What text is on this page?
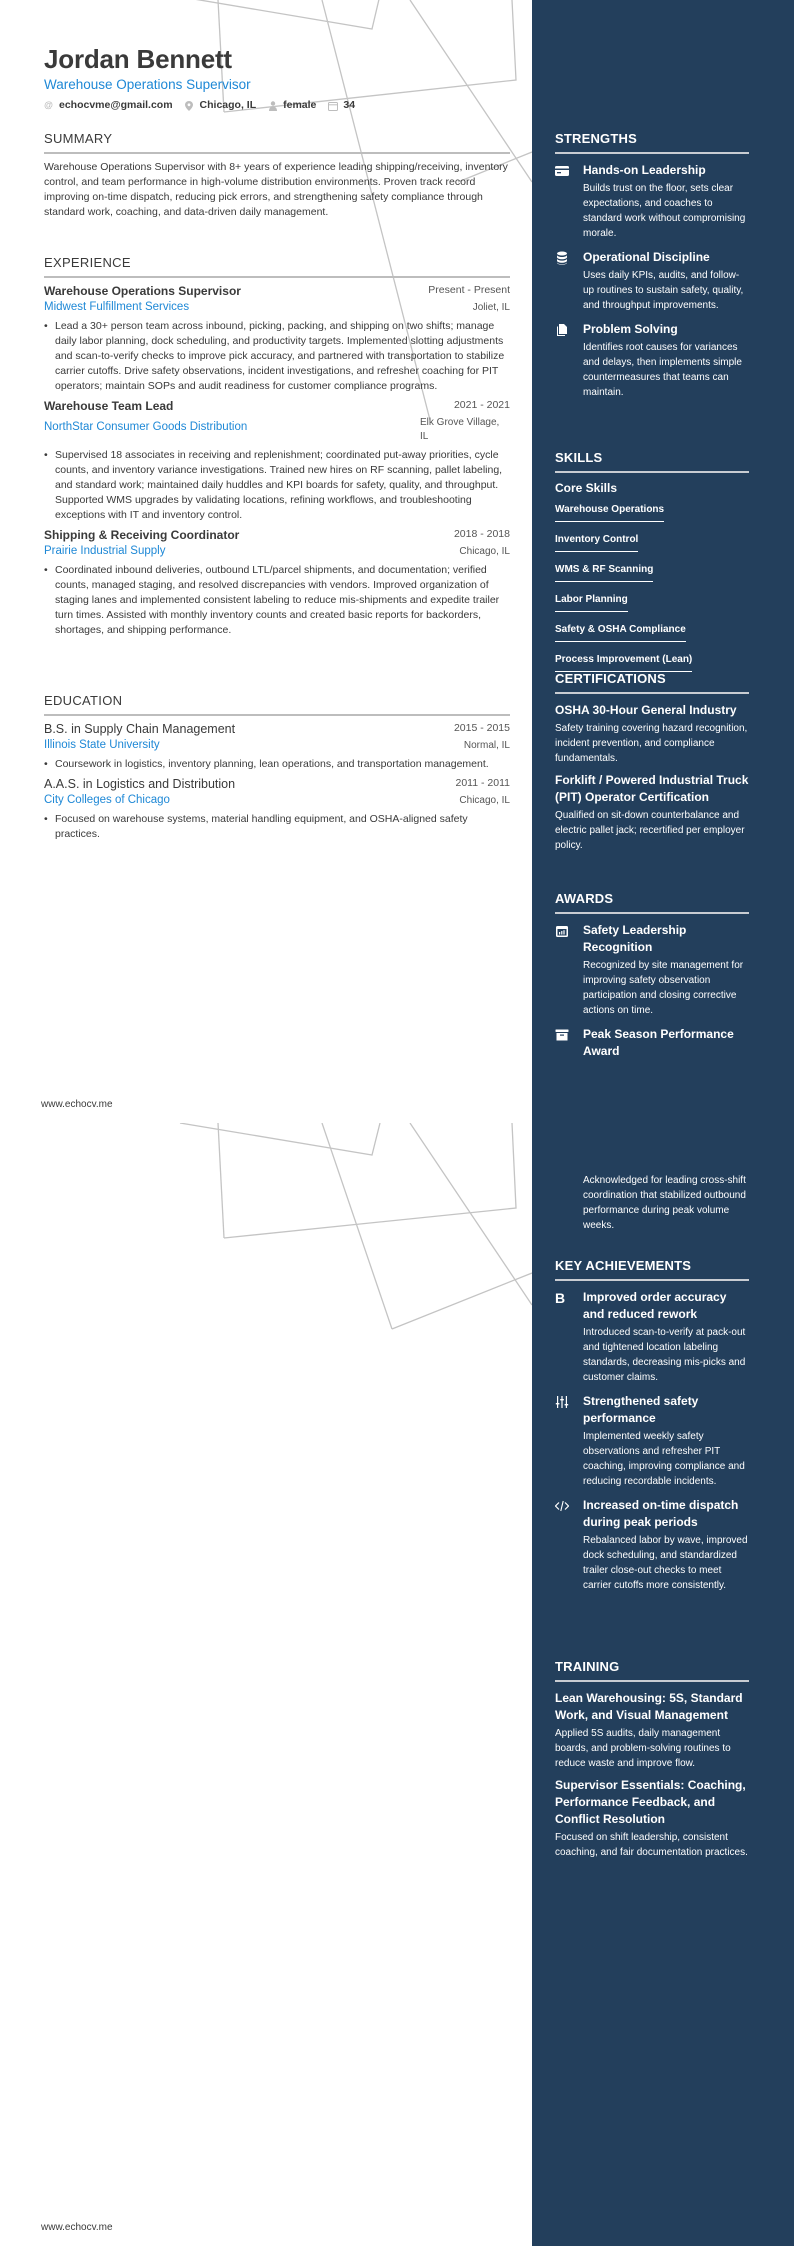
Jordan Bennett
Warehouse Operations Supervisor
@ echocvme@gmail.com	Chicago, IL	female	34
SUMMARY

Warehouse Operations Supervisor with 8+ years of experience leading shipping/receiving, inventory control, and team performance in high-volume distribution environments. Proven track record improving on-time dispatch, reducing pick errors, and strengthening safety compliance through standard work, coaching, and data-driven daily management.

EXPERIENCE
Warehouse Operations Supervisor	Present - Present
Midwest Fulfillment Services	Joliet, IL
• Lead a 30+ person team across inbound, picking, packing, and shipping on two shifts; manage daily labor planning, dock scheduling, and productivity targets. Implemented slotting adjustments and scan-to-verify checks to improve pick accuracy, and partnered with transportation to stabilize carrier cutoffs. Drive safety observations, incident investigations, and refresher coaching for PIT operators; maintain SOPs and audit readiness for customer compliance programs.
Warehouse Team Lead	2021 - 2021
NorthStar Consumer Goods Distribution	Elk Grove Village, IL
• Supervised 18 associates in receiving and replenishment; coordinated put-away priorities, cycle counts, and inventory variance investigations. Trained new hires on RF scanning, pallet labeling, and standard work; maintained daily huddles and KPI boards for safety, quality, and throughput. Supported WMS upgrades by validating locations, refining workflows, and troubleshooting exceptions with IT and inventory control.
Shipping & Receiving Coordinator	2018 - 2018
Prairie Industrial Supply	Chicago, IL
• Coordinated inbound deliveries, outbound LTL/parcel shipments, and documentation; verified counts, managed staging, and resolved discrepancies with vendors. Improved organization of staging lanes and implemented consistent labeling to reduce mis-shipments and expedite trailer turn times. Assisted with monthly inventory counts and created basic reports for backorders, shortages, and shipping performance.
EDUCATION
B.S. in Supply Chain Management	2015 - 2015
Illinois State University	Normal, IL
• Coursework in logistics, inventory planning, lean operations, and transportation management.
A.A.S. in Logistics and Distribution	2011 - 2011
City Colleges of Chicago	Chicago, IL
• Focused on warehouse systems, material handling equipment, and OSHA-aligned safety practices.
STRENGTHS
Hands-on Leadership
Builds trust on the floor, sets clear expectations, and coaches to standard work without compromising morale.
Operational Discipline
Uses daily KPIs, audits, and follow-up routines to sustain safety, quality, and throughput improvements.
Problem Solving
Identifies root causes for variances and delays, then implements simple countermeasures that teams can maintain.
SKILLS
Core Skills
Warehouse Operations
Inventory Control
WMS & RF Scanning
Labor Planning
Safety & OSHA Compliance
Process Improvement (Lean)
CERTIFICATIONS
OSHA 30-Hour General Industry
Safety training covering hazard recognition, incident prevention, and compliance fundamentals.
Forklift / Powered Industrial Truck (PIT) Operator Certification
Qualified on sit-down counterbalance and electric pallet jack; recertified per employer policy.
AWARDS
Safety Leadership Recognition
Recognized by site management for improving safety observation participation and closing corrective actions on time.
Peak Season Performance Award
www.echocv.me
Acknowledged for leading cross-shift coordination that stabilized outbound performance during peak volume weeks.
KEY ACHIEVEMENTS
B	Improved order accuracy and reduced rework
Introduced scan-to-verify at pack-out and tightened location labeling standards, decreasing mis-picks and customer claims.
Strengthened safety performance
Implemented weekly safety observations and refresher PIT coaching, improving compliance and reducing recordable incidents.
Increased on-time dispatch during peak periods
Rebalanced labor by wave, improved dock scheduling, and standardized trailer close-out checks to meet carrier cutoffs more consistently.
TRAINING
Lean Warehousing: 5S, Standard Work, and Visual Management
Applied 5S audits, daily management boards, and problem-solving routines to reduce waste and improve flow.
Supervisor Essentials: Coaching, Performance Feedback, and Conflict Resolution
Focused on shift leadership, consistent coaching, and fair documentation practices.
www.echocv.me
